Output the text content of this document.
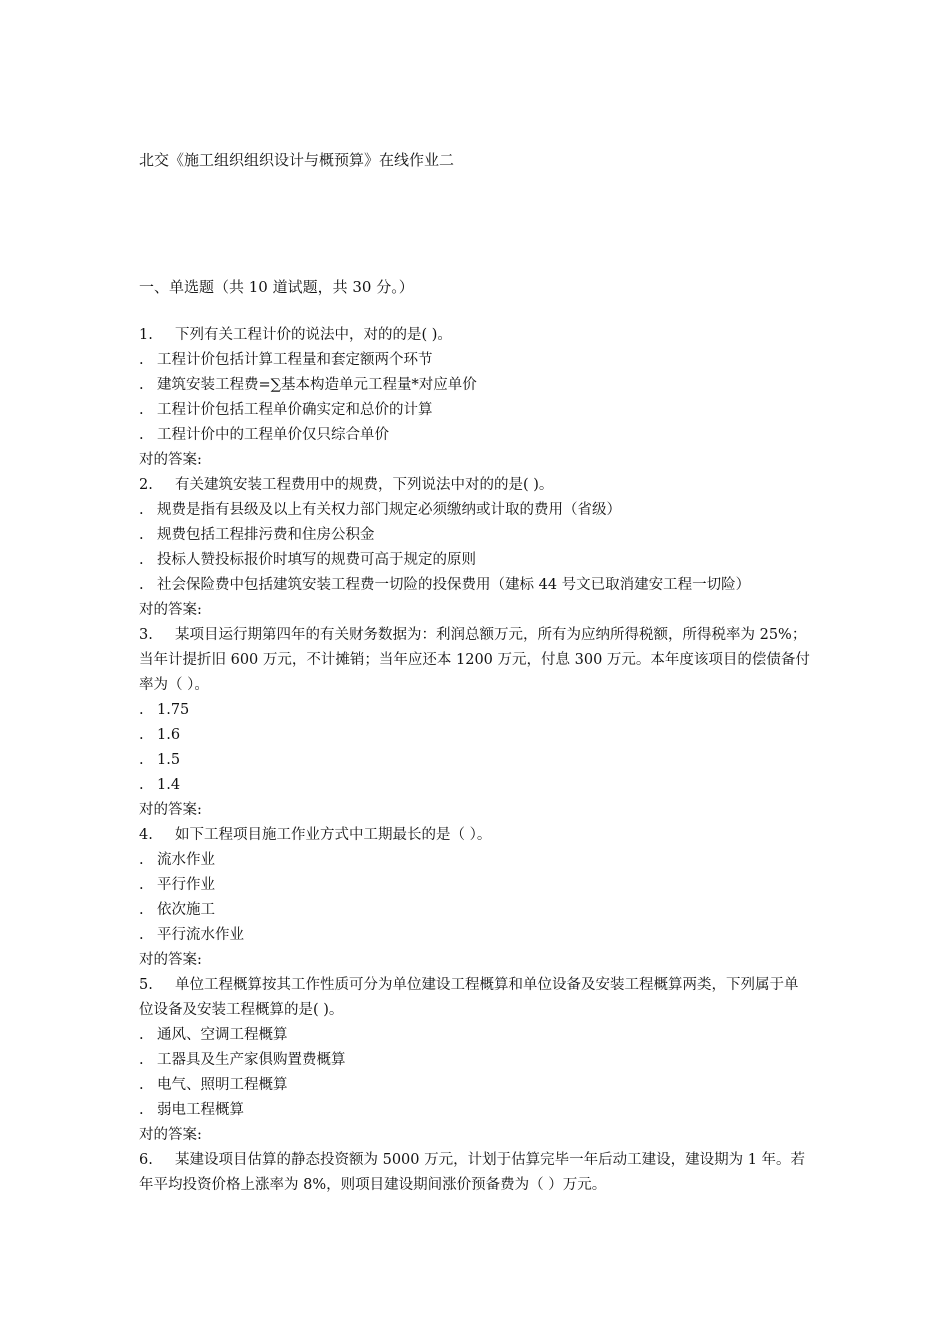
北交《施工组织组织设计与概预算》在线作业二
一、单选题（共 10 道试题，共 30 分。）
1. 下列有关工程计价的说法中，对的的是( )。
. 工程计价包括计算工程量和套定额两个环节
. 建筑安装工程费=∑基本构造单元工程量*对应单价
. 工程计价包括工程单价确实定和总价的计算
. 工程计价中的工程单价仅只综合单价
对的答案:
2. 有关建筑安装工程费用中的规费，下列说法中对的的是( )。
. 规费是指有县级及以上有关权力部门规定必须缴纳或计取的费用（省级）
. 规费包括工程排污费和住房公积金
. 投标人赞投标报价时填写的规费可高于规定的原则
. 社会保险费中包括建筑安装工程费一切险的投保费用（建标 44 号文已取消建安工程一切险）
对的答案:
3. 某项目运行期第四年的有关财务数据为：利润总额万元，所有为应纳所得税额，所得税率为 25%；当年计提折旧 600 万元，不计摊销；当年应还本 1200 万元，付息 300 万元。本年度该项目的偿债备付率为（ ）。
. 1.75
. 1.6
. 1.5
. 1.4
对的答案:
4. 如下工程项目施工作业方式中工期最长的是（ ）。
. 流水作业
. 平行作业
. 依次施工
. 平行流水作业
对的答案:
5. 单位工程概算按其工作性质可分为单位建设工程概算和单位设备及安装工程概算两类，下列属于单位设备及安装工程概算的是( )。
. 通风、空调工程概算
. 工器具及生产家俱购置费概算
. 电气、照明工程概算
. 弱电工程概算
对的答案:
6. 某建设项目估算的静态投资额为 5000 万元，计划于估算完毕一年后动工建设，建设期为 1 年。若年平均投资价格上涨率为 8%，则项目建设期间涨价预备费为（ ）万元。
